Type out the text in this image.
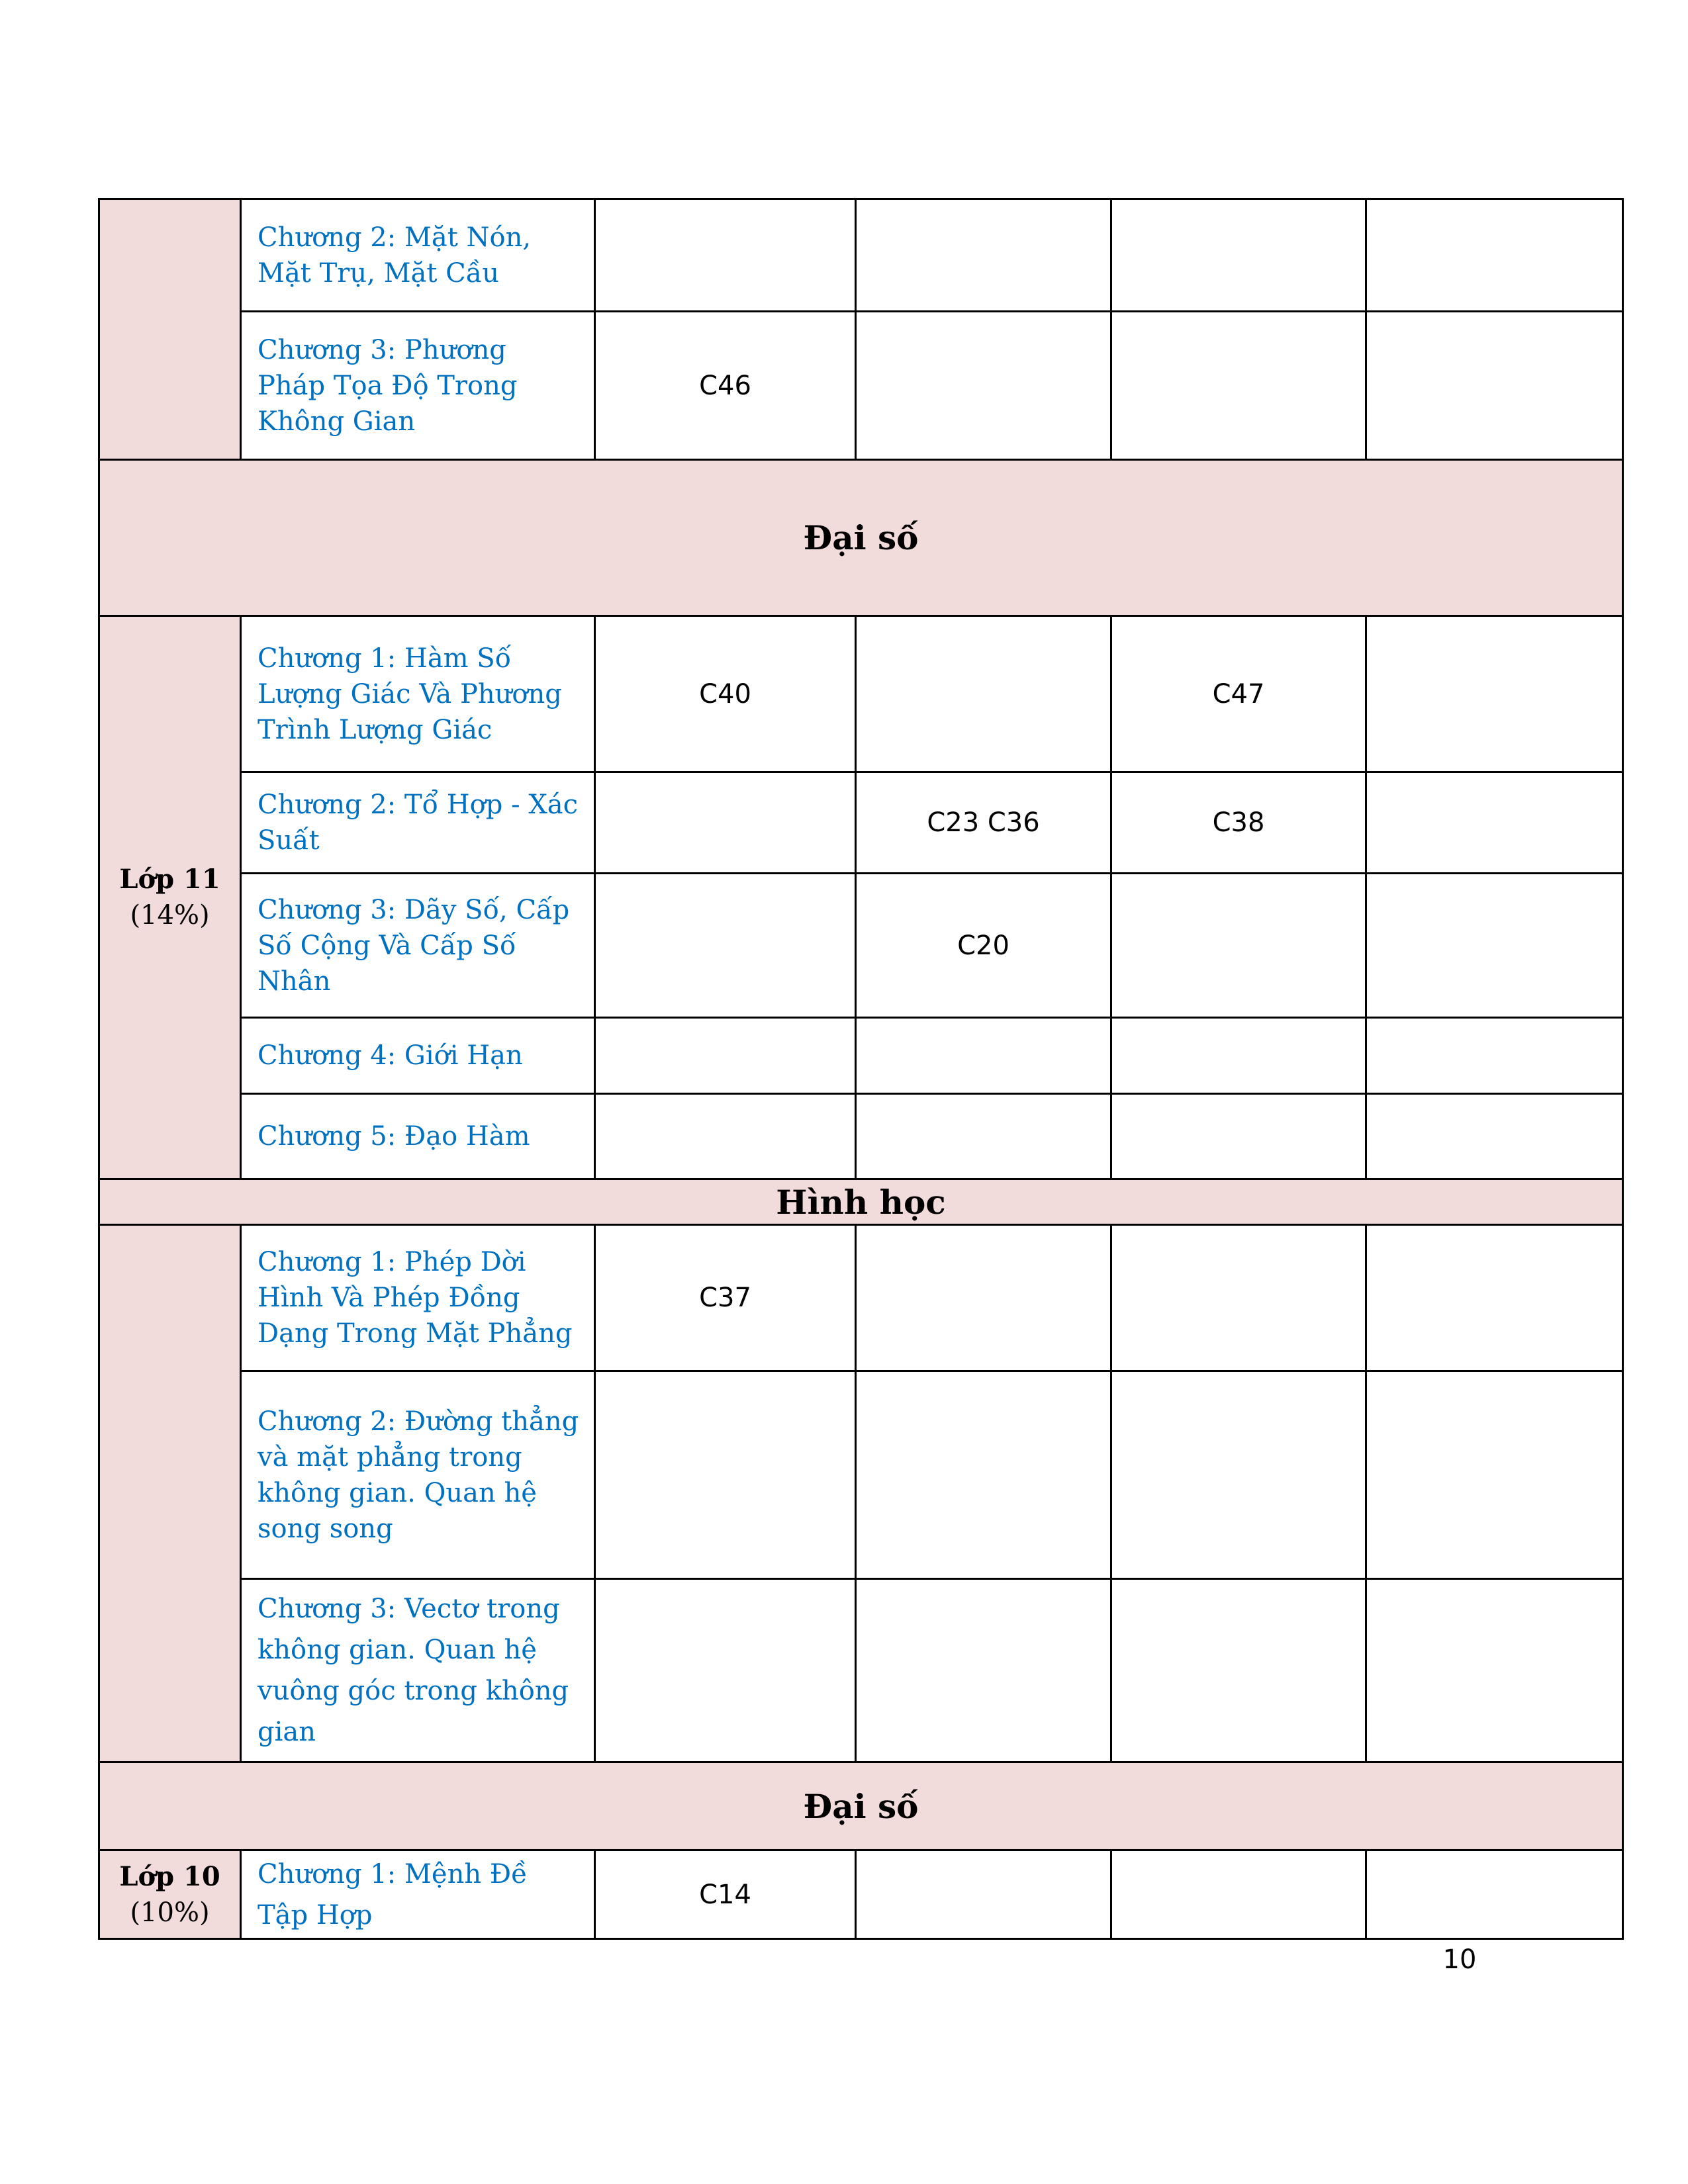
	Chương 2: Mặt Nón, Mặt Trụ, Mặt Cầu				
	Chương 3: Phương Pháp Tọa Độ Trong Không Gian	C46			
Đại số					

Lớp 11
(14%)	Chương 1: Hàm Số Lượng Giác Và Phương Trình Lượng Giác	C40		C47	
	Chương 2: Tổ Hợp - Xác Suất		C23 C36	C38	
	Chương 3: Dãy Số, Cấp Số Cộng Và Cấp Số Nhân		C20		
	Chương 4: Giới Hạn				
	Chương 5: Đạo Hàm				
Hình học					
	Chương 1: Phép Dời Hình Và Phép Đồng Dạng Trong Mặt Phẳng	C37			
	Chương 2: Đường thẳng và mặt phẳng trong không gian. Quan hệ song song				
	Chương 3: Vectơ trong không gian. Quan hệ vuông góc trong không gian				
Đại số					

Lớp 10
(10%)	Chương 1: Mệnh Đề Tập Hợp	C14			
10
